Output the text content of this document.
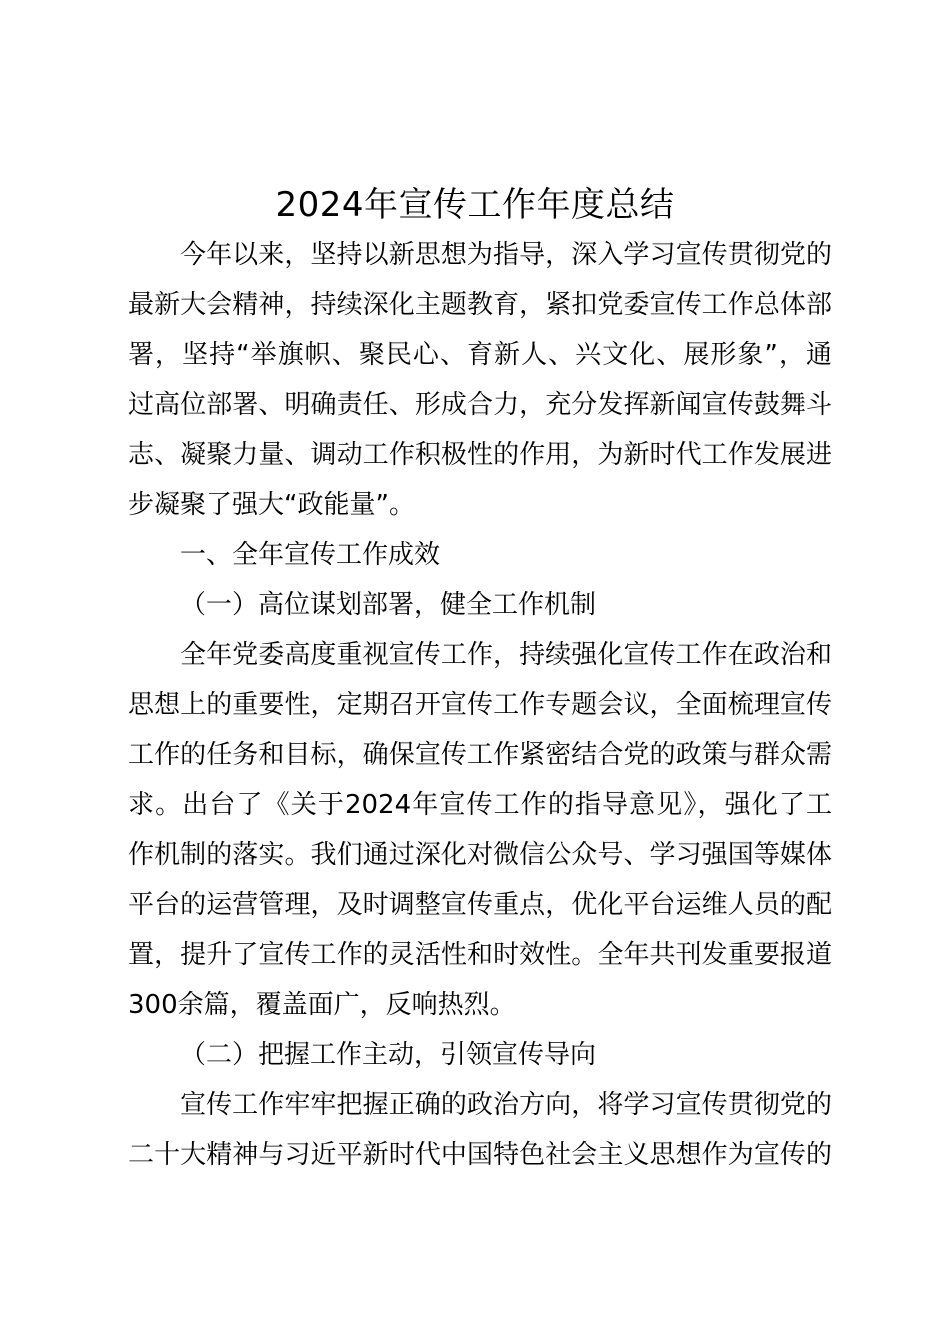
2024年宣传工作年度总结
今年以来，坚持以新思想为指导，深入学习宣传贯彻党的
最新大会精神，持续深化主题教育，紧扣党委宣传工作总体部
署，坚持“举旗帜、聚民心、育新人、兴文化、展形象”，通
过高位部署、明确责任、形成合力，充分发挥新闻宣传鼓舞斗
志、凝聚力量、调动工作积极性的作用，为新时代工作发展进
步凝聚了强大“政能量”。
一、全年宣传工作成效
（一）高位谋划部署，健全工作机制
全年党委高度重视宣传工作，持续强化宣传工作在政治和
思想上的重要性，定期召开宣传工作专题会议，全面梳理宣传
工作的任务和目标，确保宣传工作紧密结合党的政策与群众需
求。出台了《关于2024年宣传工作的指导意见》，强化了工
作机制的落实。我们通过深化对微信公众号、学习强国等媒体
平台的运营管理，及时调整宣传重点，优化平台运维人员的配
置，提升了宣传工作的灵活性和时效性。全年共刊发重要报道
300余篇，覆盖面广，反响热烈。
（二）把握工作主动，引领宣传导向
宣传工作牢牢把握正确的政治方向，将学习宣传贯彻党的
二十大精神与习近平新时代中国特色社会主义思想作为宣传的
